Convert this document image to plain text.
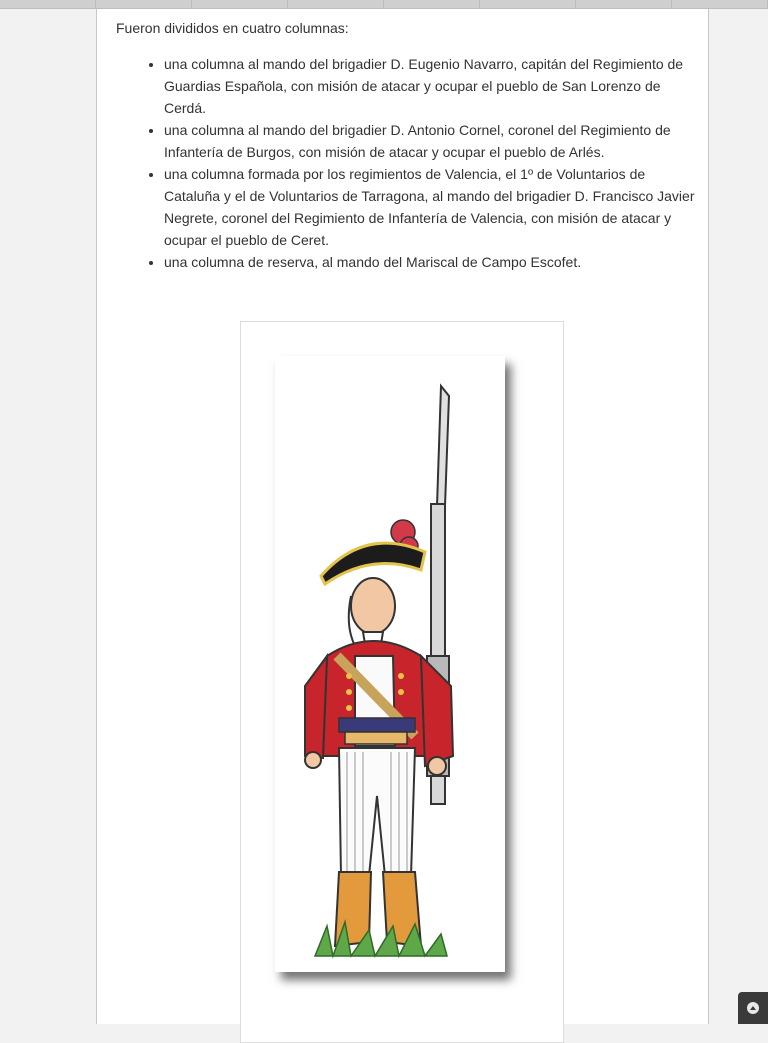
Fueron divididos en cuatro columnas:

• una columna al mando del brigadier D. Eugenio Navarro, capitán del Regimiento de Guardias Española, con misión de atacar y ocupar el pueblo de San Lorenzo de Cerdá.
• una columna al mando del brigadier D. Antonio Cornel, coronel del Regimiento de Infantería de Burgos, con misión de atacar y ocupar el pueblo de Arlés.
• una columna formada por los regimientos de Valencia, el 1º de Voluntarios de Cataluña y el de Voluntarios de Tarragona, al mando del brigadier D. Francisco Javier Negrete, coronel del Regimiento de Infantería de Valencia, con misión de atacar y ocupar el pueblo de Ceret.
• una columna de reserva, al mando del Mariscal de Campo Escofet.
